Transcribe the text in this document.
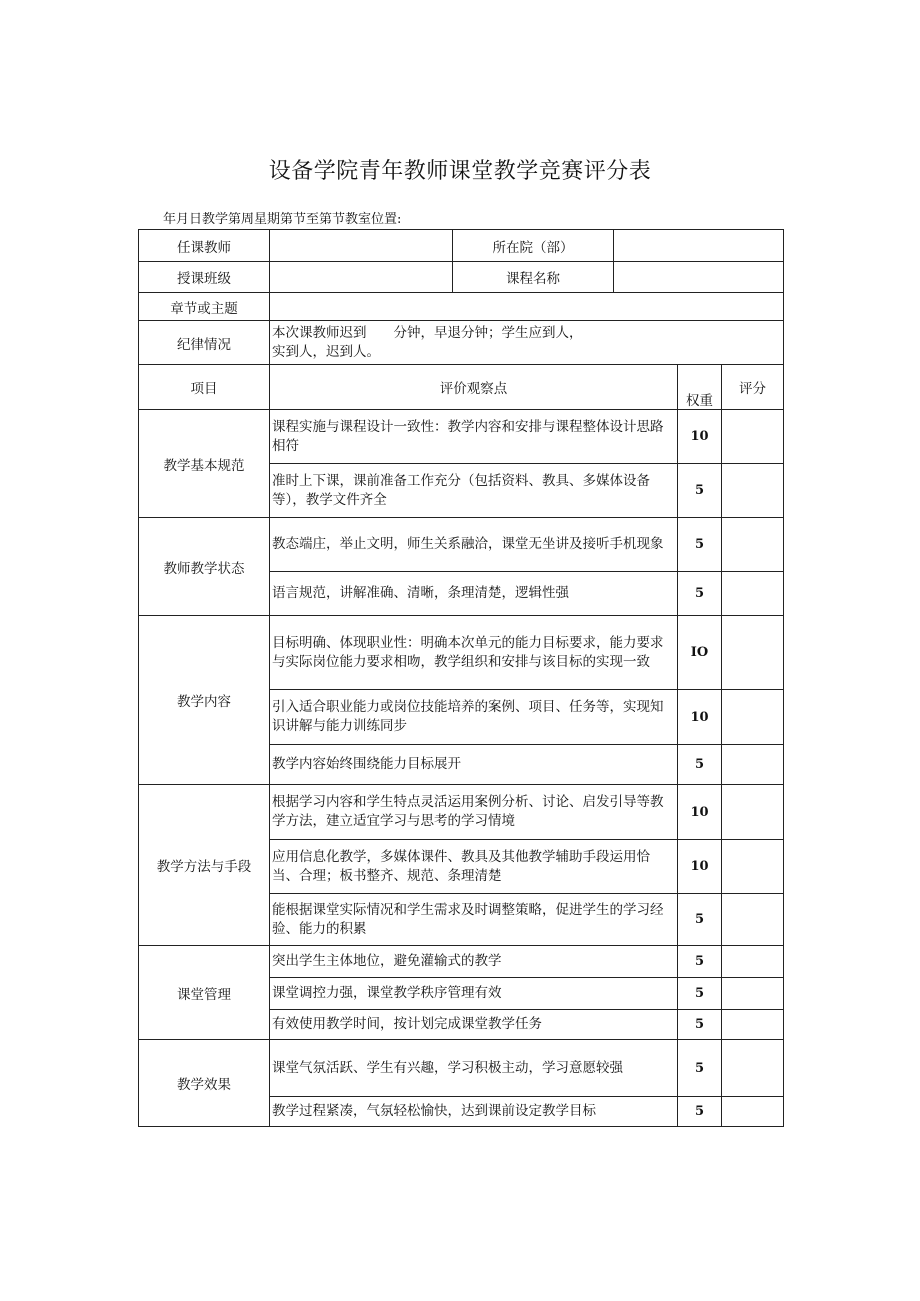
设备学院青年教师课堂教学竞赛评分表
年月日教学第周星期第节至第节教室位置:
任课教师		所在院（部）			
授课班级		课程名称			
章节或主题					
纪律情况	本次课教师迟到　　分钟，早退分钟；学生应到人，
实到人，迟到人。				

项目	评价观察点			权重	评分
教学基本规范	课程实施与课程设计一致性：教学内容和安排与课程整体设计思路相符			10	
	准时上下课，课前准备工作充分（包括资料、教具、多媒体设备等），教学文件齐全			5	
教师教学状态	教态端庄，举止文明，师生关系融洽，课堂无坐讲及接听手机现象			5	
	语言规范，讲解准确、清晰，条理清楚，逻辑性强			5	
教学内容	目标明确、体现职业性：明确本次单元的能力目标要求，能力要求与实际岗位能力要求相吻，教学组织和安排与该目标的实现一致			IO	
	引入适合职业能力或岗位技能培养的案例、项目、任务等，实现知识讲解与能力训练同步			10	
	教学内容始终围绕能力目标展开			5	
教学方法与手段	根据学习内容和学生特点灵活运用案例分析、讨论、启发引导等教学方法，建立适宜学习与思考的学习情境			10	
	应用信息化教学，多媒体课件、教具及其他教学辅助手段运用恰当、合理；板书整齐、规范、条理清楚			10	
	能根据课堂实际情况和学生需求及时调整策略，促进学生的学习经验、能力的积累			5	
课堂管理	突出学生主体地位，避免灌输式的教学			5	
	课堂调控力强，课堂教学秩序管理有效			5	
	有效使用教学时间，按计划完成课堂教学任务			5	
教学效果	课堂气氛活跃、学生有兴趣，学习积极主动，学习意愿较强			5	
	教学过程紧凑，气氛轻松愉快，达到课前设定教学目标			5	
